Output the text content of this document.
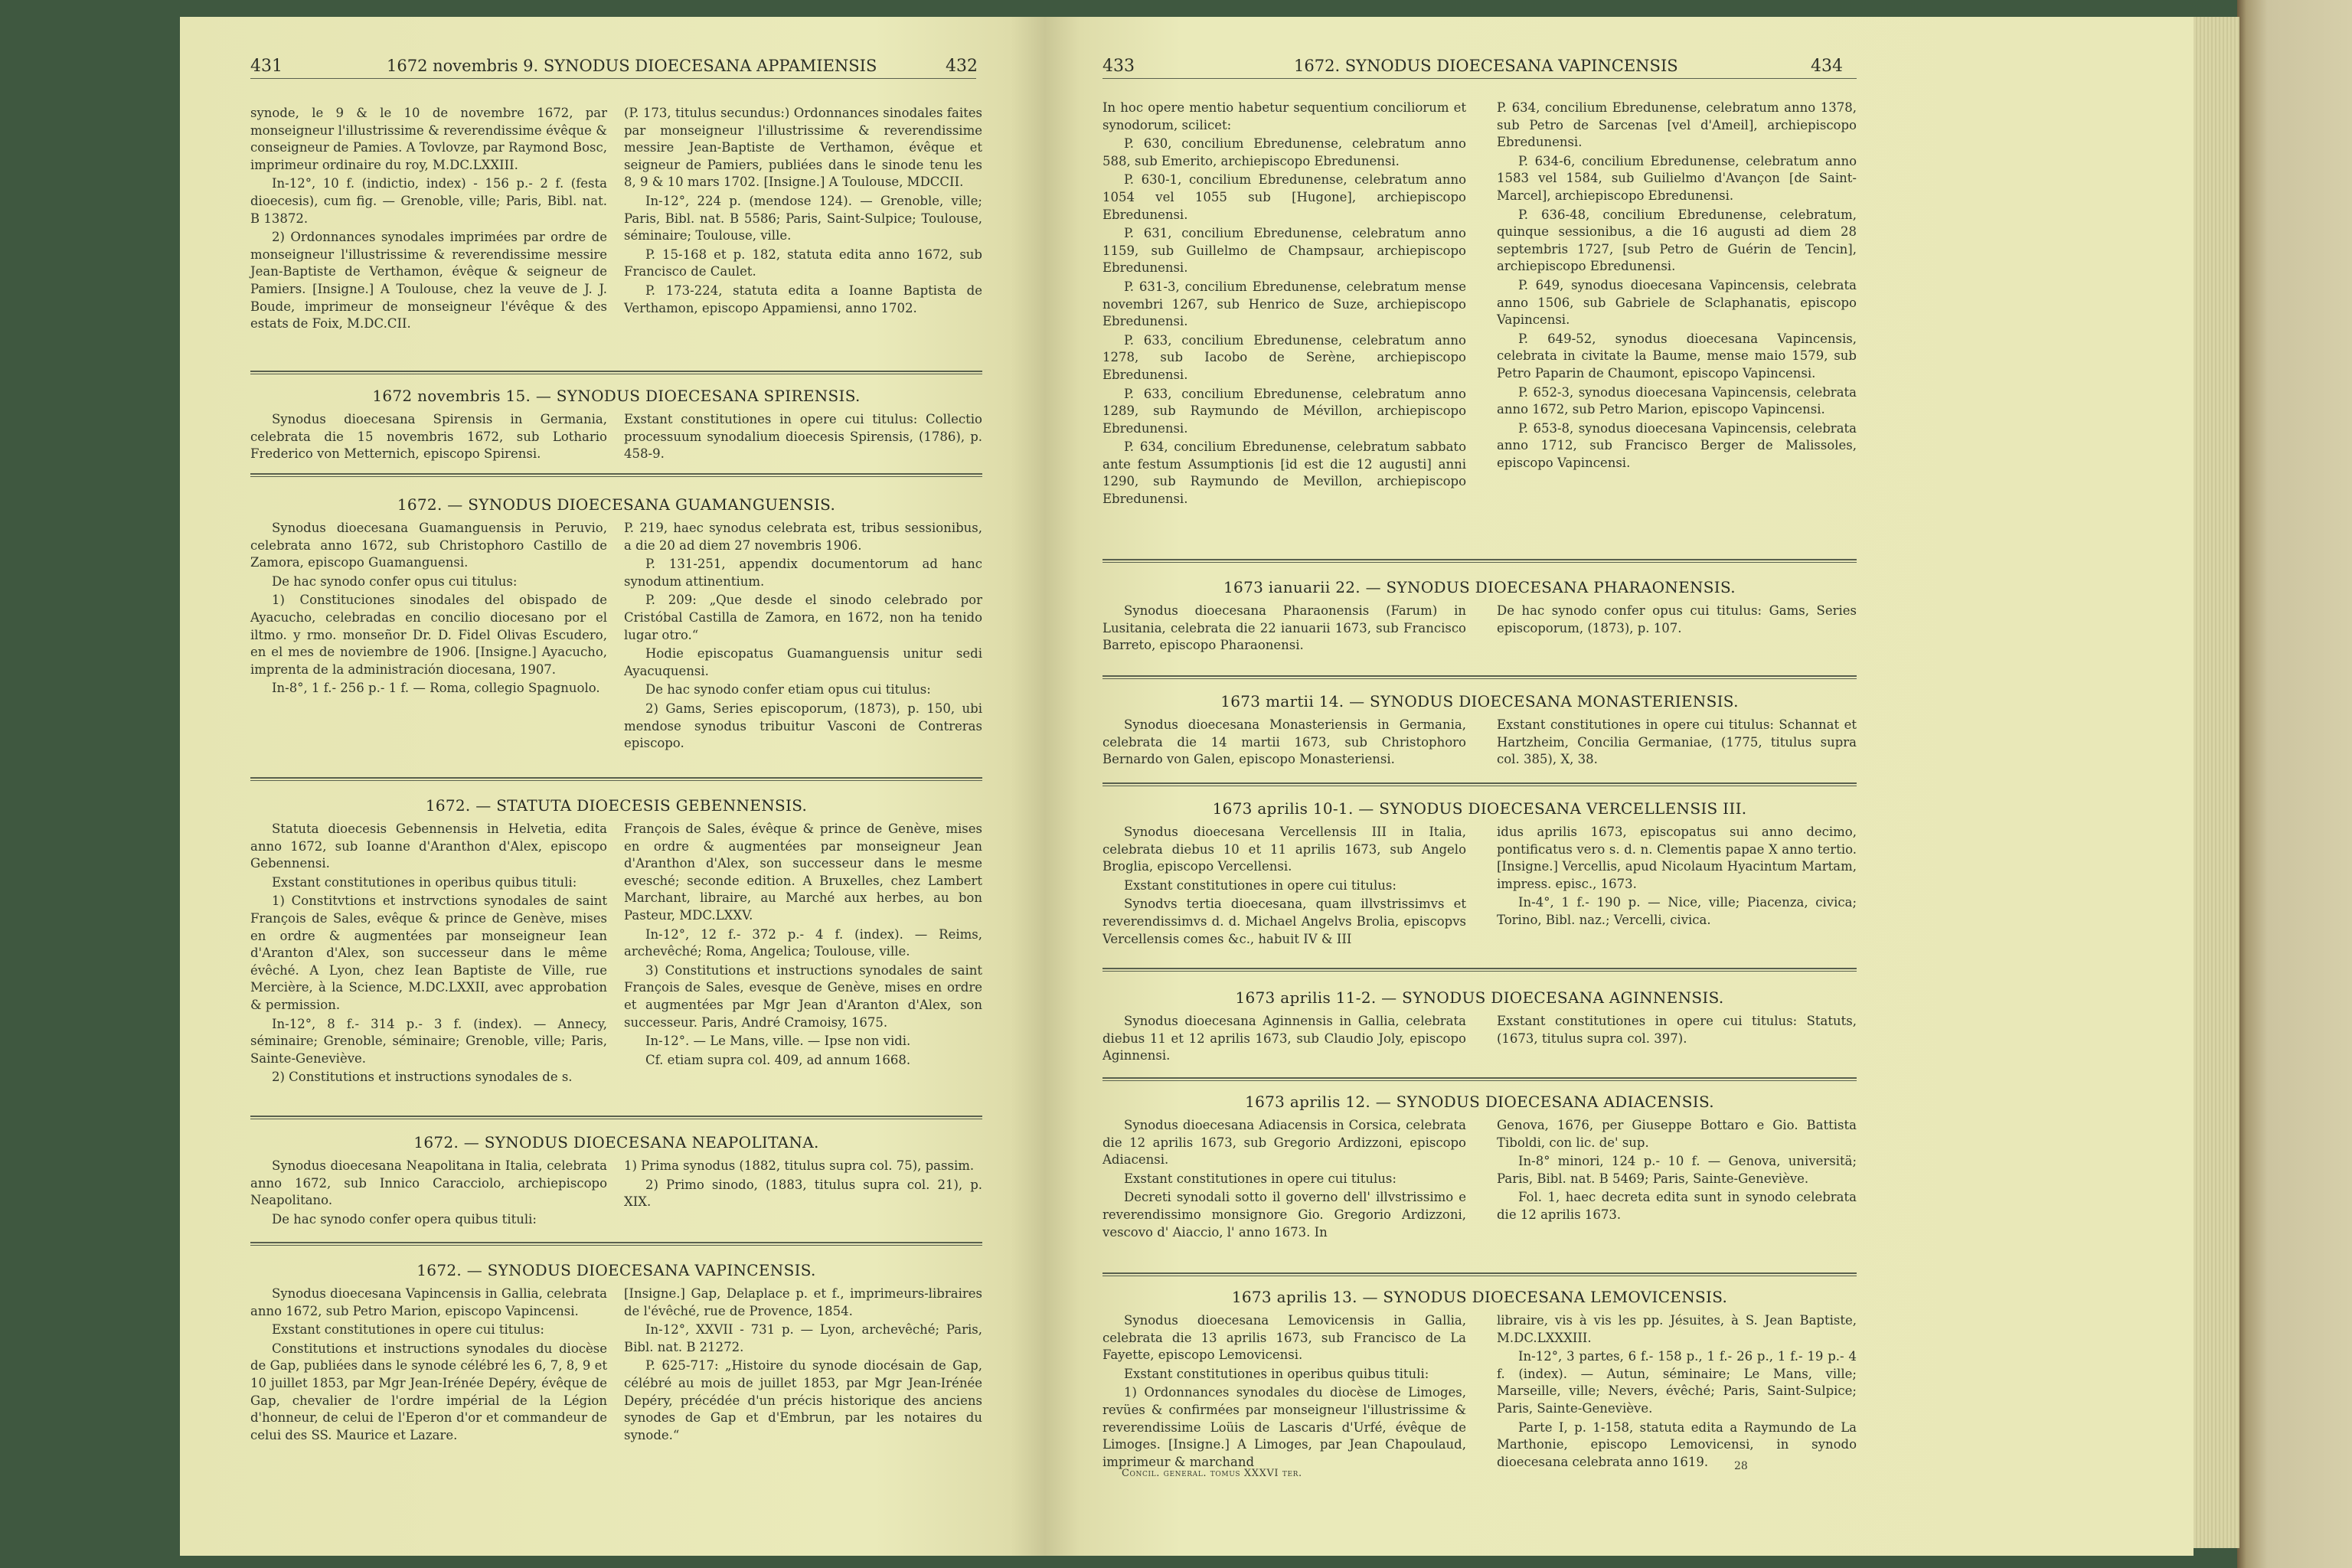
431	1672 novembris 9. SYNODUS DIOECESANA APPAMIENSIS	432

synode, le 9 & le 10 de novembre 1672, par monseigneur l'illustrissime & reverendissime évêque & conseigneur de Pamies. A Tovlovze, par Raymond Bosc, imprimeur ordinaire du roy, M.DC.LXXIII.

In-12°, 10 f. (indictio, index) - 156 p.- 2 f. (festa dioecesis), cum fig. — Grenoble, ville; Paris, Bibl. nat. B 13872.

2) Ordonnances synodales imprimées par ordre de monseigneur l'illustrissime & reverendissime messire Jean-Baptiste de Verthamon, évêque & seigneur de Pamiers. [Insigne.] A Toulouse, chez la veuve de J. J. Boude, imprimeur de monseigneur l'évêque & des estats de Foix, M.DC.CII.

(P. 173, titulus secundus:) Ordonnances sinodales faites par monseigneur l'illustrissime & reverendissime messire Jean-Baptiste de Verthamon, évêque et seigneur de Pamiers, publiées dans le sinode tenu les 8, 9 & 10 mars 1702. [Insigne.] A Toulouse, MDCCII.

In-12°, 224 p. (mendose 124). — Grenoble, ville; Paris, Bibl. nat. B 5586; Paris, Saint-Sulpice; Toulouse, séminaire; Toulouse, ville.

P. 15-168 et p. 182, statuta edita anno 1672, sub Francisco de Caulet.

P. 173-224, statuta edita a Ioanne Baptista de Verthamon, episcopo Appamiensi, anno 1702.

1672 novembris 15. — SYNODUS DIOECESANA SPIRENSIS.

Synodus dioecesana Spirensis in Germania, celebrata die 15 novembris 1672, sub Lothario Frederico von Metternich, episcopo Spirensi.

Exstant constitutiones in opere cui titulus: Collectio processuum synodalium dioecesis Spirensis, (1786), p. 458-9.

1672. — SYNODUS DIOECESANA GUAMANGUENSIS.

Synodus dioecesana Guamanguensis in Peruvio, celebrata anno 1672, sub Christophoro Castillo de Zamora, episcopo Guamanguensi.

De hac synodo confer opus cui titulus:

1) Constituciones sinodales del obispado de Ayacucho, celebradas en concilio diocesano por el iltmo. y rmo. monseñor Dr. D. Fidel Olivas Escudero, en el mes de noviembre de 1906. [Insigne.] Ayacucho, imprenta de la administración diocesana, 1907.

In-8°, 1 f.- 256 p.- 1 f. — Roma, collegio Spagnuolo.

P. 219, haec synodus celebrata est, tribus sessionibus, a die 20 ad diem 27 novembris 1906.

P. 131-251, appendix documentorum ad hanc synodum attinentium.

P. 209: „Que desde el sinodo celebrado por Cristóbal Castilla de Zamora, en 1672, non ha tenido lugar otro.“

Hodie episcopatus Guamanguensis unitur sedi Ayacuquensi.

De hac synodo confer etiam opus cui titulus:

2) Gams, Series episcoporum, (1873), p. 150, ubi mendose synodus tribuitur Vasconi de Contreras episcopo.

1672. — STATUTA DIOECESIS GEBENNENSIS.

Statuta dioecesis Gebennensis in Helvetia, edita anno 1672, sub Ioanne d'Aranthon d'Alex, episcopo Gebennensi.

Exstant constitutiones in operibus quibus tituli:

1) Constitvtions et instrvctions synodales de saint François de Sales, evêque & prince de Genève, mises en ordre & augmentées par monseigneur Iean d'Aranton d'Alex, son successeur dans le même évêché. A Lyon, chez Iean Baptiste de Ville, rue Mercière, à la Science, M.DC.LXXII, avec approbation & permission.

In-12°, 8 f.- 314 p.- 3 f. (index). — Annecy, séminaire; Grenoble, séminaire; Grenoble, ville; Paris, Sainte-Geneviève.

2) Constitutions et instructions synodales de s.

François de Sales, évêque & prince de Genève, mises en ordre & augmentées par monseigneur Jean d'Aranthon d'Alex, son successeur dans le mesme evesché; seconde edition. A Bruxelles, chez Lambert Marchant, libraire, au Marché aux herbes, au bon Pasteur, MDC.LXXV.

In-12°, 12 f.- 372 p.- 4 f. (index). — Reims, archevêché; Roma, Angelica; Toulouse, ville.

3) Constitutions et instructions synodales de saint François de Sales, evesque de Genève, mises en ordre et augmentées par Mgr Jean d'Aranton d'Alex, son successeur. Paris, André Cramoisy, 1675.

In-12°. — Le Mans, ville. — Ipse non vidi.

Cf. etiam supra col. 409, ad annum 1668.

1672. — SYNODUS DIOECESANA NEAPOLITANA.

Synodus dioecesana Neapolitana in Italia, celebrata anno 1672, sub Innico Caracciolo, archiepiscopo Neapolitano.

De hac synodo confer opera quibus tituli:

1) Prima synodus (1882, titulus supra col. 75), passim.

2) Primo sinodo, (1883, titulus supra col. 21), p. XIX.

1672. — SYNODUS DIOECESANA VAPINCENSIS.

Synodus dioecesana Vapincensis in Gallia, celebrata anno 1672, sub Petro Marion, episcopo Vapincensi.

Exstant constitutiones in opere cui titulus:

Constitutions et instructions synodales du diocèse de Gap, publiées dans le synode célébré les 6, 7, 8, 9 et 10 juillet 1853, par Mgr Jean-Irénée Depéry, évêque de Gap, chevalier de l'ordre impérial de la Légion d'honneur, de celui de l'Eperon d'or et commandeur de celui des SS. Maurice et Lazare.

[Insigne.] Gap, Delaplace p. et f., imprimeurs-libraires de l'évêché, rue de Provence, 1854.

In-12°, XXVII - 731 p. — Lyon, archevêché; Paris, Bibl. nat. B 21272.

P. 625-717: „Histoire du synode diocésain de Gap, célébré au mois de juillet 1853, par Mgr Jean-Irénée Depéry, précédée d'un précis historique des anciens synodes de Gap et d'Embrun, par les notaires du synode.“

433	1672. SYNODUS DIOECESANA VAPINCENSIS	434
Concil. general. tomus XXXVI ter.
28

In hoc opere mentio habetur sequentium conciliorum et synodorum, scilicet:

P. 630, concilium Ebredunense, celebratum anno 588, sub Emerito, archiepiscopo Ebredunensi.

P. 630-1, concilium Ebredunense, celebratum anno 1054 vel 1055 sub [Hugone], archiepiscopo Ebredunensi.

P. 631, concilium Ebredunense, celebratum anno 1159, sub Guillelmo de Champsaur, archiepiscopo Ebredunensi.

P. 631-3, concilium Ebredunense, celebratum mense novembri 1267, sub Henrico de Suze, archiepiscopo Ebredunensi.

P. 633, concilium Ebredunense, celebratum anno 1278, sub Iacobo de Serène, archiepiscopo Ebredunensi.

P. 633, concilium Ebredunense, celebratum anno 1289, sub Raymundo de Mévillon, archiepiscopo Ebredunensi.

P. 634, concilium Ebredunense, celebratum sabbato ante festum Assumptionis [id est die 12 augusti] anni 1290, sub Raymundo de Mevillon, archiepiscopo Ebredunensi.

P. 634, concilium Ebredunense, celebratum anno 1378, sub Petro de Sarcenas [vel d'Ameil], archiepiscopo Ebredunensi.

P. 634-6, concilium Ebredunense, celebratum anno 1583 vel 1584, sub Guilielmo d'Avançon [de Saint-Marcel], archiepiscopo Ebredunensi.

P. 636-48, concilium Ebredunense, celebratum, quinque sessionibus, a die 16 augusti ad diem 28 septembris 1727, [sub Petro de Guérin de Tencin], archiepiscopo Ebredunensi.

P. 649, synodus dioecesana Vapincensis, celebrata anno 1506, sub Gabriele de Sclaphanatis, episcopo Vapincensi.

P. 649-52, synodus dioecesana Vapincensis, celebrata in civitate la Baume, mense maio 1579, sub Petro Paparin de Chaumont, episcopo Vapincensi.

P. 652-3, synodus dioecesana Vapincensis, celebrata anno 1672, sub Petro Marion, episcopo Vapincensi.

P. 653-8, synodus dioecesana Vapincensis, celebrata anno 1712, sub Francisco Berger de Malissoles, episcopo Vapincensi.

1673 ianuarii 22. — SYNODUS DIOECESANA PHARAONENSIS.

Synodus dioecesana Pharaonensis (Farum) in Lusitania, celebrata die 22 ianuarii 1673, sub Francisco Barreto, episcopo Pharaonensi.

De hac synodo confer opus cui titulus: Gams, Series episcoporum, (1873), p. 107.

1673 martii 14. — SYNODUS DIOECESANA MONASTERIENSIS.

Synodus dioecesana Monasteriensis in Germania, celebrata die 14 martii 1673, sub Christophoro Bernardo von Galen, episcopo Monasteriensi.

Exstant constitutiones in opere cui titulus: Schannat et Hartzheim, Concilia Germaniae, (1775, titulus supra col. 385), X, 38.

1673 aprilis 10-1. — SYNODUS DIOECESANA VERCELLENSIS III.

Synodus dioecesana Vercellensis III in Italia, celebrata diebus 10 et 11 aprilis 1673, sub Angelo Broglia, episcopo Vercellensi.

Exstant constitutiones in opere cui titulus:

Synodvs tertia dioecesana, quam illvstrissimvs et reverendissimvs d. d. Michael Angelvs Brolia, episcopvs Vercellensis comes &c., habuit IV & III

idus aprilis 1673, episcopatus sui anno decimo, pontificatus vero s. d. n. Clementis papae X anno tertio. [Insigne.] Vercellis, apud Nicolaum Hyacintum Martam, impress. episc., 1673.

In-4°, 1 f.- 190 p. — Nice, ville; Piacenza, civica; Torino, Bibl. naz.; Vercelli, civica.

1673 aprilis 11-2. — SYNODUS DIOECESANA AGINNENSIS.

Synodus dioecesana Aginnensis in Gallia, celebrata diebus 11 et 12 aprilis 1673, sub Claudio Joly, episcopo Aginnensi.

Exstant constitutiones in opere cui titulus: Statuts, (1673, titulus supra col. 397).

1673 aprilis 12. — SYNODUS DIOECESANA ADIACENSIS.

Synodus dioecesana Adiacensis in Corsica, celebrata die 12 aprilis 1673, sub Gregorio Ardizzoni, episcopo Adiacensi.

Exstant constitutiones in opere cui titulus:

Decreti synodali sotto il governo dell' illvstrissimo e reverendissimo monsignore Gio. Gregorio Ardizzoni, vescovo d' Aiaccio, l' anno 1673. In

Genova, 1676, per Giuseppe Bottaro e Gio. Battista Tiboldi, con lic. de' sup.

In-8° minori, 124 p.- 10 f. — Genova, universitä; Paris, Bibl. nat. B 5469; Paris, Sainte-Geneviève.

Fol. 1, haec decreta edita sunt in synodo celebrata die 12 aprilis 1673.

1673 aprilis 13. — SYNODUS DIOECESANA LEMOVICENSIS.

Synodus dioecesana Lemovicensis in Gallia, celebrata die 13 aprilis 1673, sub Francisco de La Fayette, episcopo Lemovicensi.

Exstant constitutiones in operibus quibus tituli:

1) Ordonnances synodales du diocèse de Limoges, revües & confirmées par monseigneur l'illustrissime & reverendissime Loüis de Lascaris d'Urfé, évêque de Limoges. [Insigne.] A Limoges, par Jean Chapoulaud, imprimeur & marchand

libraire, vis à vis les pp. Jésuites, à S. Jean Baptiste, M.DC.LXXXIII.

In-12°, 3 partes, 6 f.- 158 p., 1 f.- 26 p., 1 f.- 19 p.- 4 f. (index). — Autun, séminaire; Le Mans, ville; Marseille, ville; Nevers, évêché; Paris, Saint-Sulpice; Paris, Sainte-Geneviève.

Parte I, p. 1-158, statuta edita a Raymundo de La Marthonie, episcopo Lemovicensi, in synodo dioecesana celebrata anno 1619.
